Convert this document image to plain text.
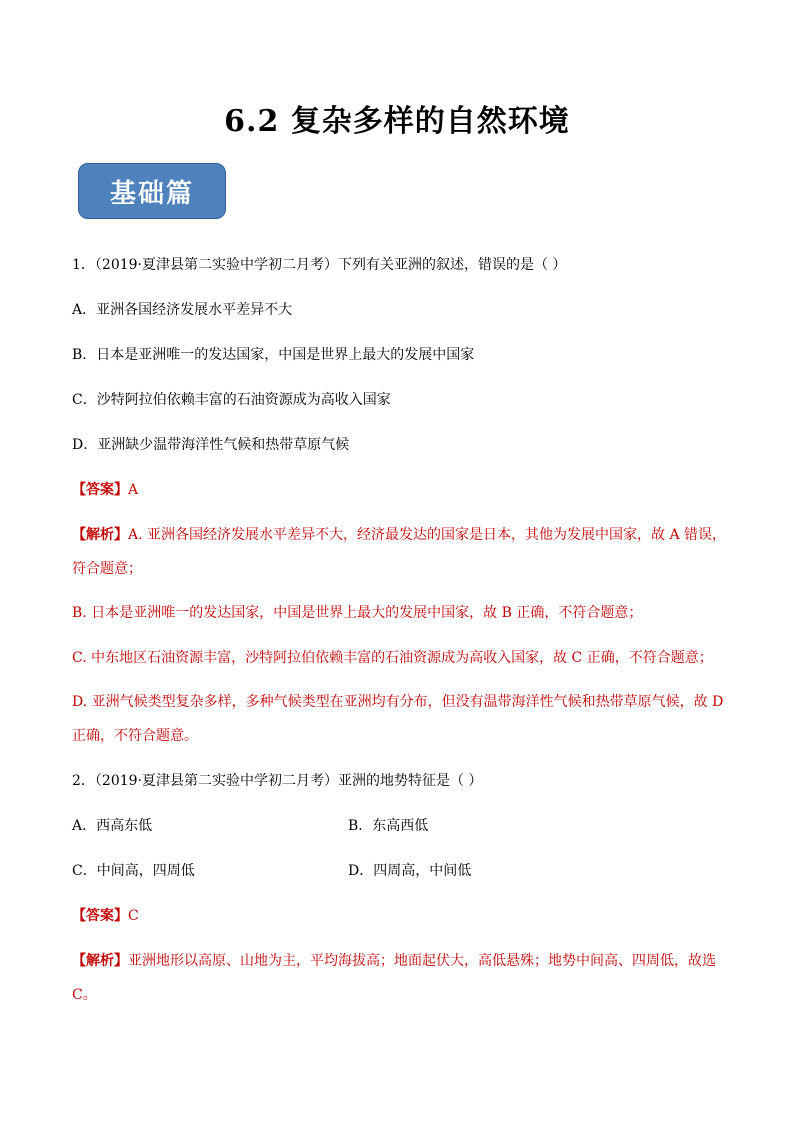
6.2 复杂多样的自然环境
基础篇
1．（2019·夏津县第二实验中学初二月考）下列有关亚洲的叙述，错误的是（ ）
A．亚洲各国经济发展水平差异不大
B．日本是亚洲唯一的发达国家，中国是世界上最大的发展中国家
C．沙特阿拉伯依赖丰富的石油资源成为高收入国家
D．亚洲缺少温带海洋性气候和热带草原气候
【答案】A
【解析】A. 亚洲各国经济发展水平差异不大，经济最发达的国家是日本，其他为发展中国家，故 A 错误，符合题意；
B. 日本是亚洲唯一的发达国家，中国是世界上最大的发展中国家，故 B 正确，不符合题意；
C. 中东地区石油资源丰富，沙特阿拉伯依赖丰富的石油资源成为高收入国家，故 C 正确，不符合题意；
D. 亚洲气候类型复杂多样，多种气候类型在亚洲均有分布，但没有温带海洋性气候和热带草原气候，故 D 正确，不符合题意。
2．（2019·夏津县第二实验中学初二月考）亚洲的地势特征是（ ）
A．西高东低	B．东高西低
C．中间高，四周低	D．四周高，中间低
【答案】C
【解析】亚洲地形以高原、山地为主，平均海拔高；地面起伏大，高低悬殊；地势中间高、四周低，故选 C。
